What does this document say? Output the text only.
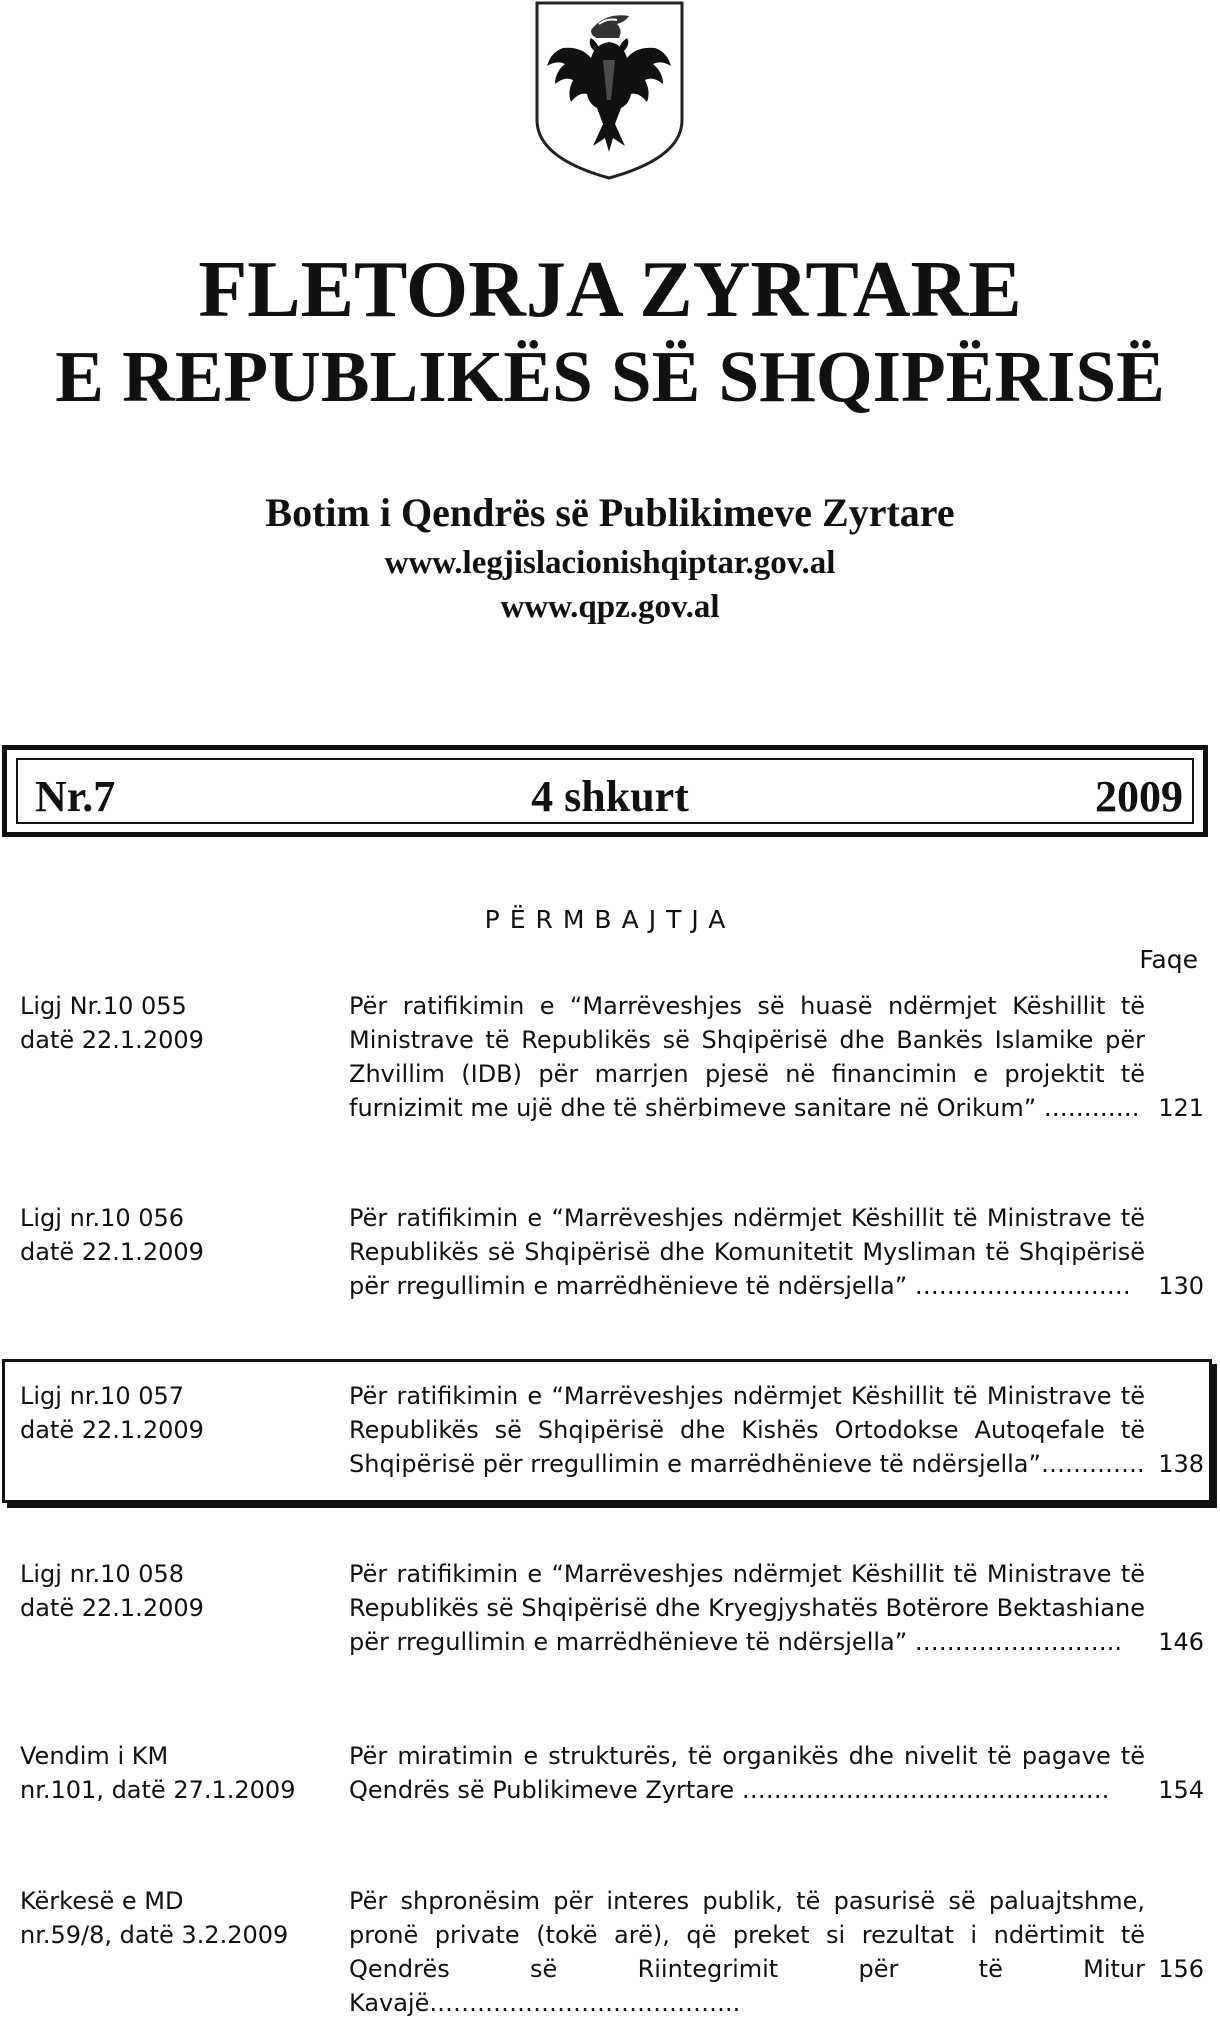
FLETORJA ZYRTARE
E REPUBLIKËS SË SHQIPËRISË
Botim i Qendrës së Publikimeve Zyrtare
www.legjislacionishqiptar.gov.al
www.qpz.gov.al
Nr.7	4 shkurt	2009
PËRMBAJTJA
Faqe
Ligj Nr.10 055
datë 22.1.2009
Për ratifikimin e “Marrëveshjes së huasë ndërmjet Këshillit të Ministrave të Republikës së Shqipërisë dhe Bankës Islamike për Zhvillim (IDB) për marrjen pjesë në financimin e projektit të furnizimit me ujë dhe të shërbimeve sanitare në Orikum” ………… 121
Ligj nr.10 056
datë 22.1.2009
Për ratifikimin e “Marrëveshjes ndërmjet Këshillit të Ministrave të Republikës së Shqipërisë dhe Komunitetit Mysliman të Shqipërisë për rregullimin e marrëdhënieve të ndërsjella” ………………………	130
Ligj nr.10 057
datë 22.1.2009
Për ratifikimin e “Marrëveshjes ndërmjet Këshillit të Ministrave të Republikës së Shqipërisë dhe Kishës Ortodokse Autoqefale të Shqipërisë për rregullimin e marrëdhënieve të ndërsjella”…………. 138
Ligj nr.10 058
datë 22.1.2009
Për ratifikimin e “Marrëveshjes ndërmjet Këshillit të Ministrave të Republikës së Shqipërisë dhe Kryegjyshatës Botërore Bektashiane për rregullimin e marrëdhënieve të ndërsjella” ……………………..	146
Vendim i KM
nr.101, datë 27.1.2009
Për miratimin e strukturës, të organikës dhe nivelit të pagave të Qendrës së Publikimeve Zyrtare ……………………………………….	154
Kërkesë e MD
nr.59/8, datë 3.2.2009
Për shpronësim për interes publik, të pasurisë së paluajtshme, pronë private (tokë arë), që preket si rezultat i ndërtimit të Qendrës së Riintegrimit për të Mitur Kavajë.………………………………..
156
